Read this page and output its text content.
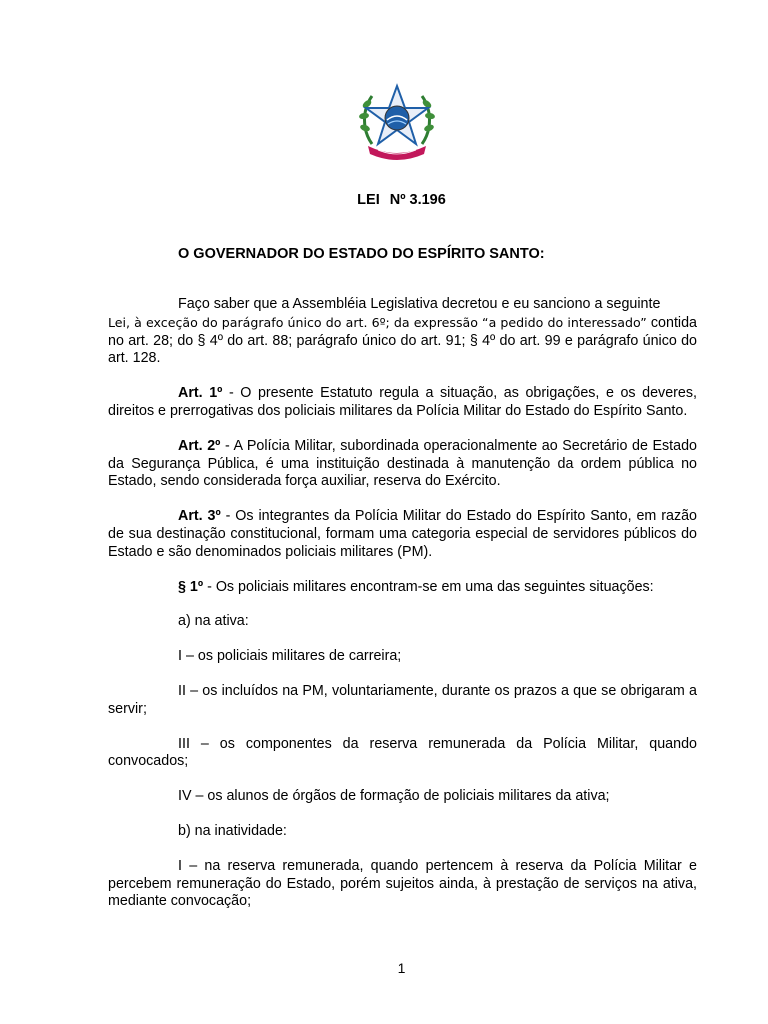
LEI Nº 3.196
O GOVERNADOR DO ESTADO DO ESPÍRITO SANTO:

Faço saber que a Assembléia Legislativa decretou e eu sanciono a seguinte

Lei, à exceção do parágrafo único do art. 6º; da expressão “a pedido do interessado” contida no art. 28; do § 4º do art. 88; parágrafo único do art. 91; § 4º do art. 99 e parágrafo único do art. 128.

Art. 1º - O presente Estatuto regula a situação, as obrigações, e os deveres, direitos e prerrogativas dos policiais militares da Polícia Militar do Estado do Espírito Santo.

Art. 2º - A Polícia Militar, subordinada operacionalmente ao Secretário de Estado da Segurança Pública, é uma instituição destinada à manutenção da ordem pública no Estado, sendo considerada força auxiliar, reserva do Exército.

Art. 3º - Os integrantes da Polícia Militar do Estado do Espírito Santo, em razão de sua destinação constitucional, formam uma categoria especial de servidores públicos do Estado e são denominados policiais militares (PM).

§ 1º - Os policiais militares encontram-se em uma das seguintes situações:

a) na ativa:

I – os policiais militares de carreira;

II – os incluídos na PM, voluntariamente, durante os prazos a que se obrigaram a servir;

III – os componentes da reserva remunerada da Polícia Militar, quando convocados;

IV – os alunos de órgãos de formação de policiais militares da ativa;

b) na inatividade:

I – na reserva remunerada, quando pertencem à reserva da Polícia Militar e percebem remuneração do Estado, porém sujeitos ainda, à prestação de serviços na ativa, mediante convocação;

1
